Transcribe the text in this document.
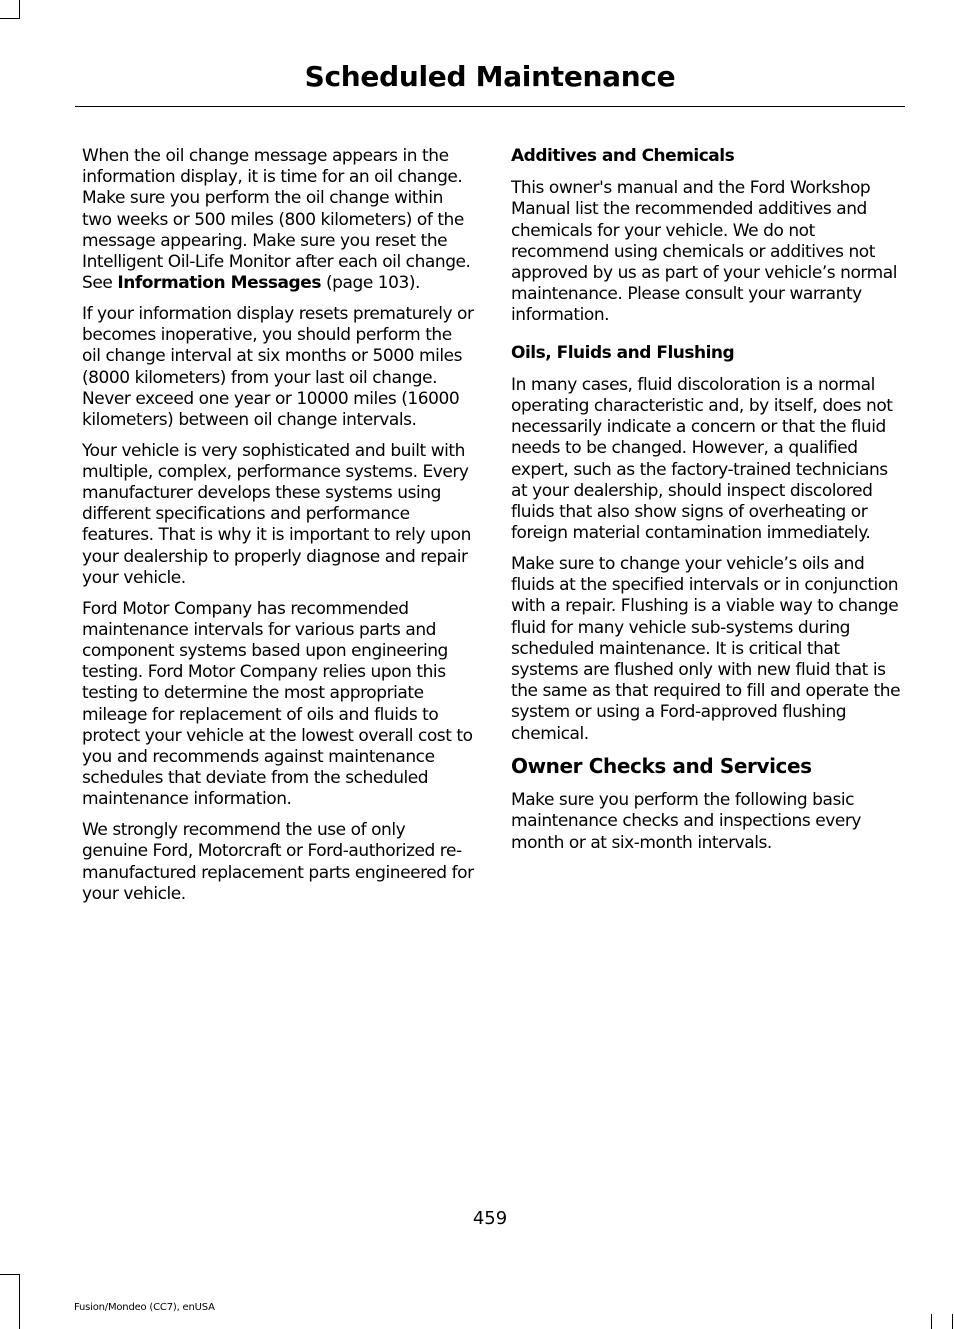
Scheduled Maintenance

When the oil change message appears in the information display, it is time for an oil change. Make sure you perform the oil change within two weeks or 500 miles (800 kilometers) of the message appearing. Make sure you reset the Intelligent Oil-Life Monitor after each oil change. See Information Messages (page 103).

If your information display resets prematurely or becomes inoperative, you should perform the oil change interval at six months or 5000 miles (8000 kilometers) from your last oil change. Never exceed one year or 10000 miles (16000 kilometers) between oil change intervals.

Your vehicle is very sophisticated and built with multiple, complex, performance systems. Every manufacturer develops these systems using different specifications and performance features. That is why it is important to rely upon your dealership to properly diagnose and repair your vehicle.

Ford Motor Company has recommended maintenance intervals for various parts and component systems based upon engineering testing. Ford Motor Company relies upon this testing to determine the most appropriate mileage for replacement of oils and fluids to protect your vehicle at the lowest overall cost to you and recommends against maintenance schedules that deviate from the scheduled maintenance information.

We strongly recommend the use of only genuine Ford, Motorcraft or Ford-authorized re-manufactured replacement parts engineered for your vehicle.

Additives and Chemicals

This owner's manual and the Ford Workshop Manual list the recommended additives and chemicals for your vehicle. We do not recommend using chemicals or additives not approved by us as part of your vehicle’s normal maintenance. Please consult your warranty information.

Oils, Fluids and Flushing

In many cases, fluid discoloration is a normal operating characteristic and, by itself, does not necessarily indicate a concern or that the fluid needs to be changed. However, a qualified expert, such as the factory-trained technicians at your dealership, should inspect discolored fluids that also show signs of overheating or foreign material contamination immediately.

Make sure to change your vehicle’s oils and fluids at the specified intervals or in conjunction with a repair. Flushing is a viable way to change fluid for many vehicle sub-systems during scheduled maintenance. It is critical that systems are flushed only with new fluid that is the same as that required to fill and operate the system or using a Ford-approved flushing chemical.

Owner Checks and Services

Make sure you perform the following basic maintenance checks and inspections every month or at six-month intervals.

459
Fusion/Mondeo (CC7), enUSA
